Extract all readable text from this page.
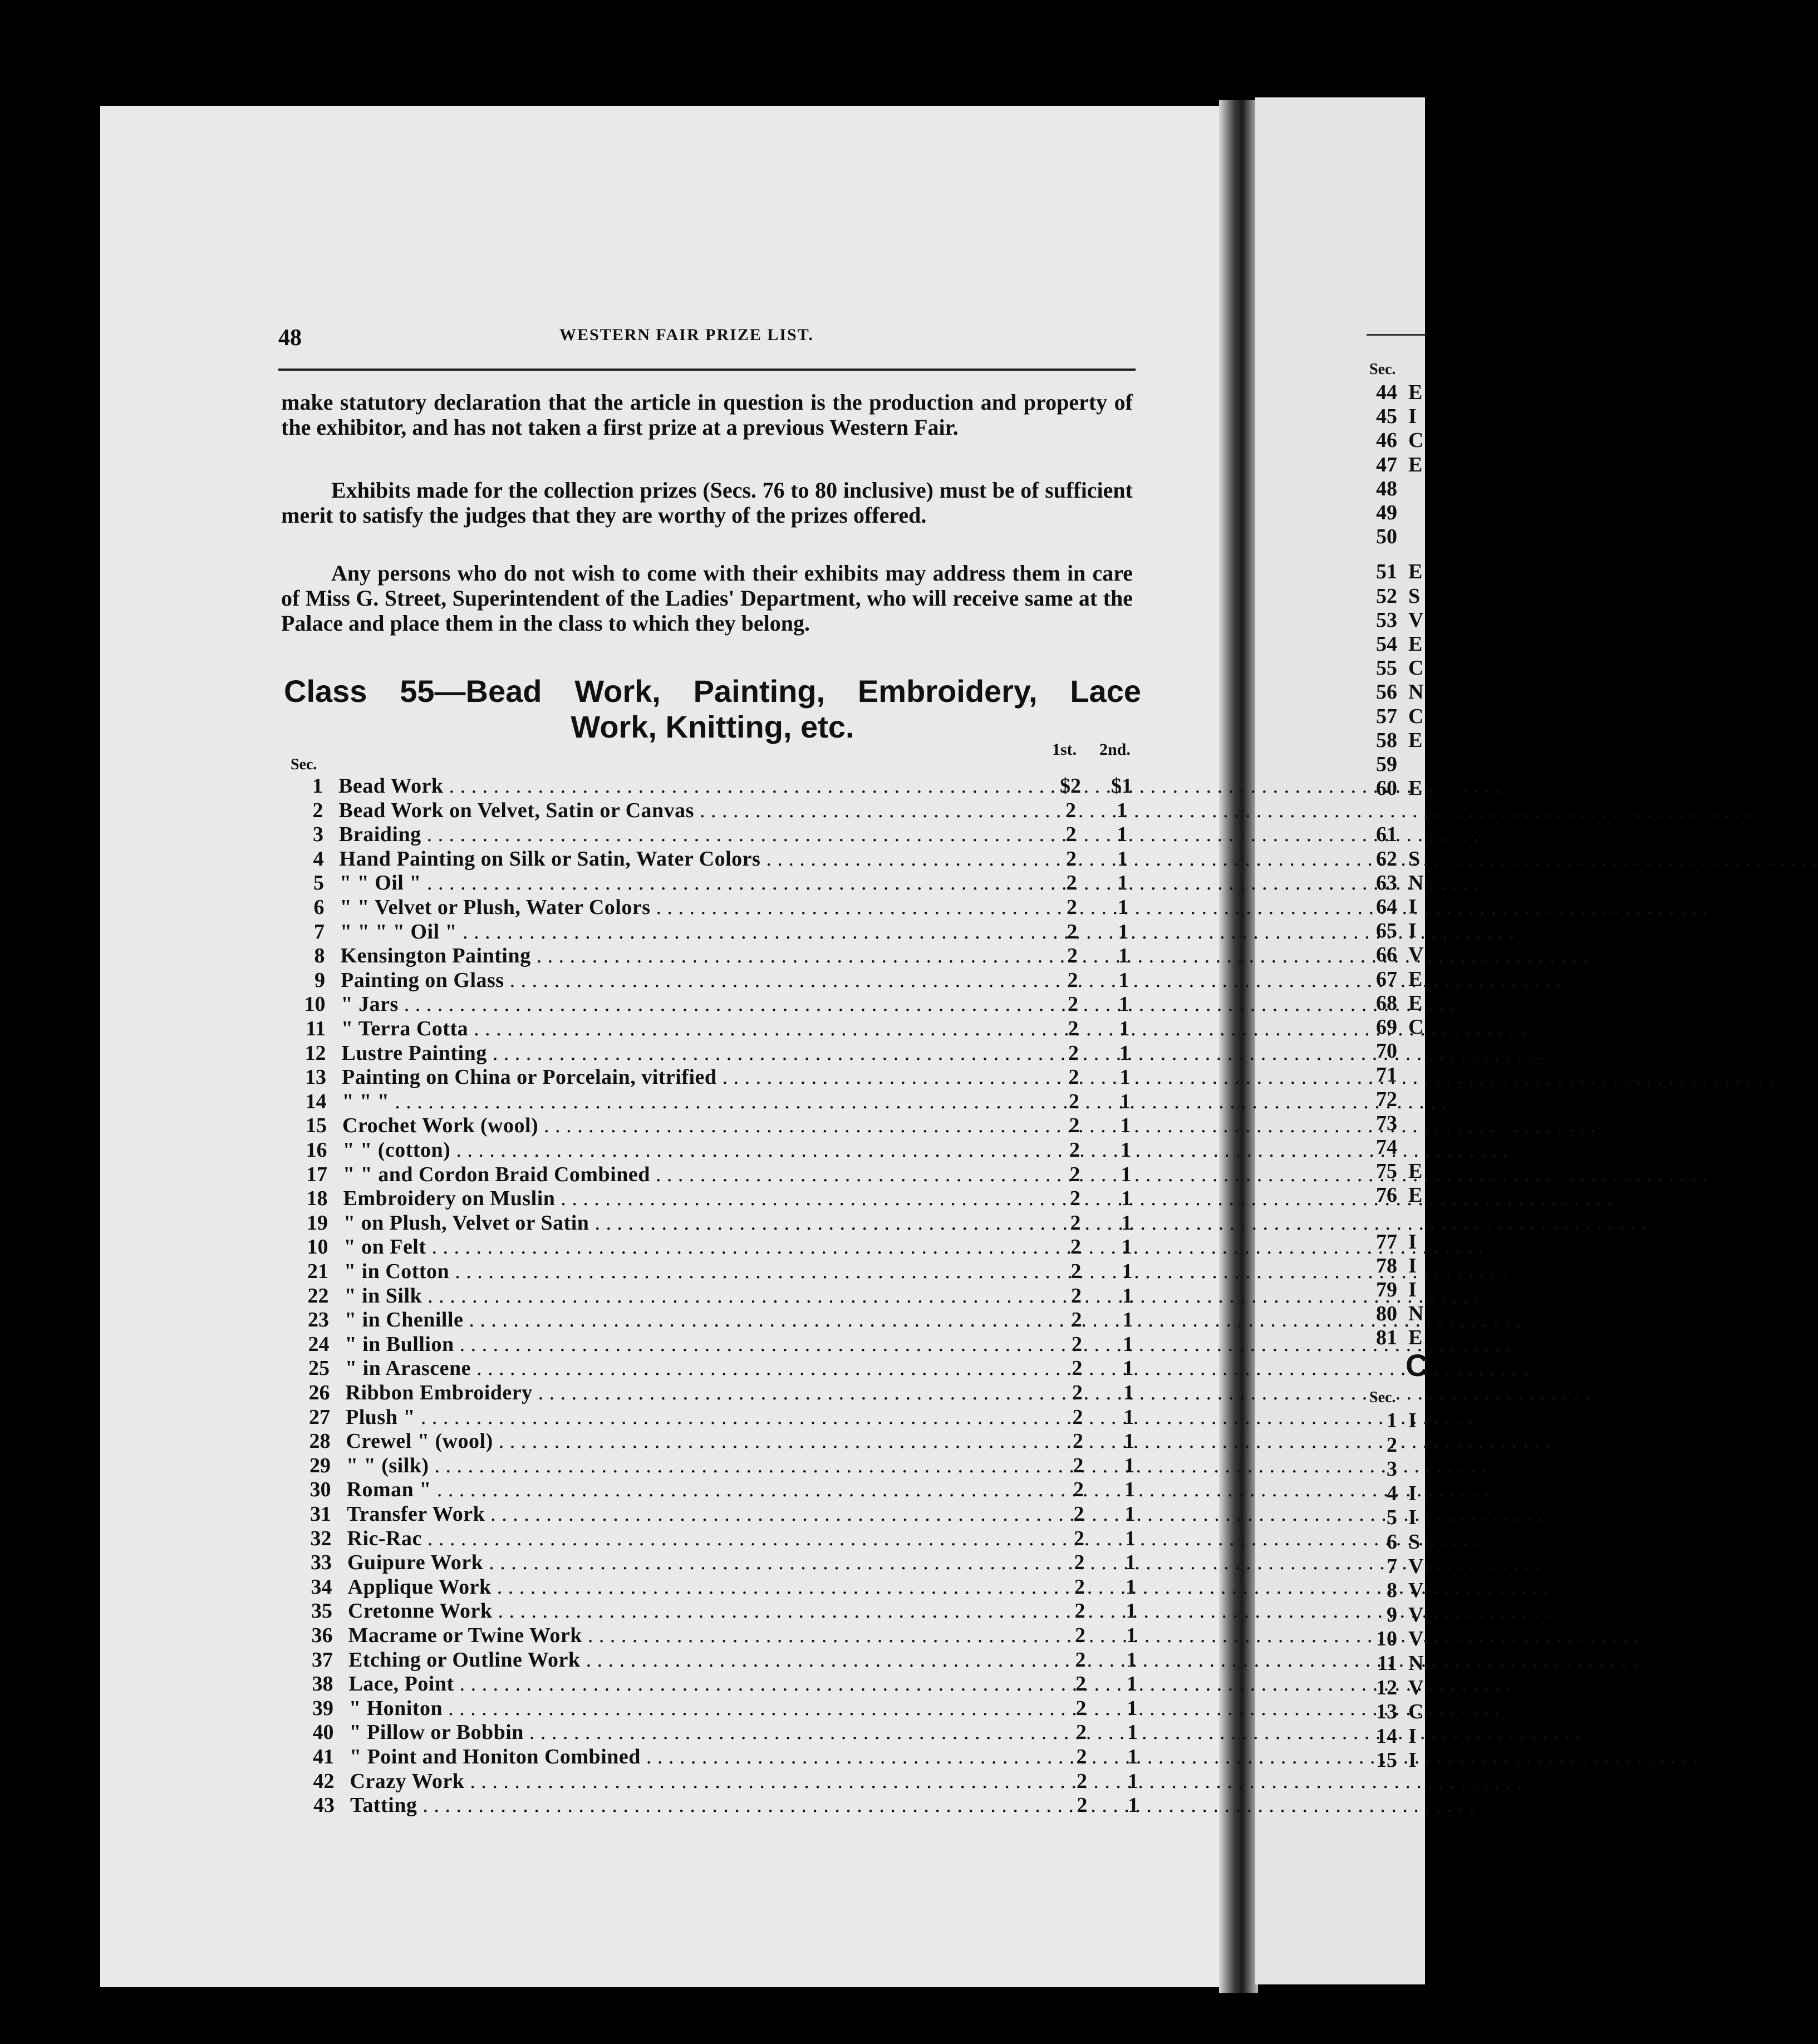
48	WESTERN FAIR PRIZE LIST.
make statutory declaration that the article in question is the production and property of the exhibitor, and has not taken a first prize at a previous Western Fair.
Exhibits made for the collection prizes (Secs. 76 to 80 inclusive) must be of sufficient merit to satisfy the judges that they are worthy of the prizes offered.
Any persons who do not wish to come with their exhibits may address them in care of Miss G. Street, Superintendent of the Ladies' Department, who will receive same at the Palace and place them in the class to which they belong.
Class 55—Bead Work, Painting, Embroidery, Lace
Work, Knitting, etc.
Sec.
1st. 2nd.
1 Bead Work . . .	$2 $1
2 Bead Work on Velvet, Satin or Canvas . . .	2	1
3 Braiding . . .	2	1
4 Hand Painting on Silk or Satin, Water Colors . . .	2	1
5 " " Oil " . . .	2	1
6 " " Velvet or Plush, Water Colors . . .	2	1
7 " " " " Oil " . . .	2	1
8 Kensington Painting . . .	2	1
9 Painting on Glass . . .	2	1
10 " Jars . . .	2	1
11 " Terra Cotta . . .	2	1
12 Lustre Painting . . .	2	1
13 Painting on China or Porcelain, vitrified . . .	2	1
14 " " " . . .	2	1
15 Crochet Work (wool) . . .	2	1
16 " " (cotton) . . .	2	1
17 " " and Cordon Braid Combined . . .	2	1
18 Embroidery on Muslin . . .	2	1
19 " on Plush, Velvet or Satin . . .	2	1
10 " on Felt . . .	2	1
21 " in Cotton . . .	2	1
22 " in Silk . . .	2	1
23 " in Chenille . . .	2	1
24 " in Bullion . . .	2	1
25 " in Arascene . . .	2	1
26 Ribbon Embroidery . . .	2	1
27 Plush " . . .	2	1
28 Crewel " (wool) . . .	2	1
29 " " (silk) . . .	2	1
30 Roman " . . .	2	1
31 Transfer Work . . .	2	1
32 Ric-Rac . . .	2	1
33 Guipure Work . . .	2	1
34 Applique Work . . .	2	1
35 Cretonne Work . . .	2	1
36 Macrame or Twine Work . . .	2	1
37 Etching or Outline Work . . .	2	1
38 Lace, Point . . .	2	1
39 " Honiton . . .	2	1
40 " Pillow or Bobbin . . .	2	1
41 " Point and Honiton Combined . . .	2	1
42 Crazy Work . . .	2	1
43 Tatting . . .	2	1
Sec.
44 E
45 I
46 C
47 E
48
49
50
51 E
52 S
53 V
54 E
55 C
56 N
57 C
58 E
59
60 E
61
62 S
63 N
64 I
65 I
66 V
67 E
68 E
69 C
70
71
72
73
74
75 E
76 E
77 I
78 I
79 I
80 N
81 E
C
Sec.
1 I
2
3
4 I
5 I
6 S
7 V
8 V
9 V
10 V
11 N
12 V
13 C
14 I
15 I
